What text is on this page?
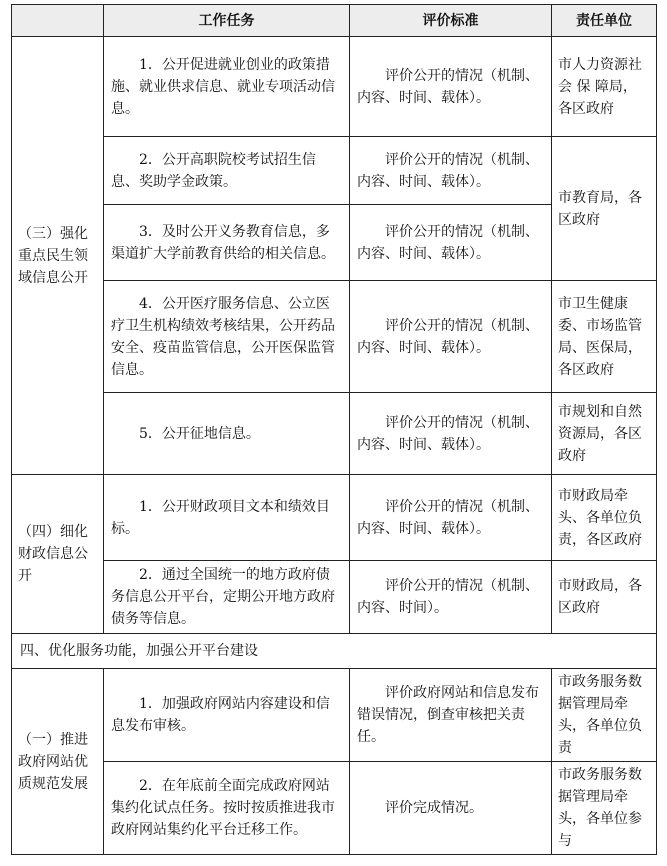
	工作任务	评价标准	责任单位
（三）强化重点民生领域信息公开	1．公开促进就业创业的政策措施、就业供求信息、就业专项活动信息。	评价公开的情况（机制、内容、时间、载体）。	市人力资源社 会 保 障局，各区政府
	2．公开高职院校考试招生信息、奖助学金政策。	评价公开的情况（机制、内容、时间、载体）。	市教育局，各区政府
	3．及时公开义务教育信息，多渠道扩大学前教育供给的相关信息。	评价公开的情况（机制、内容、时间、载体）。	
	4．公开医疗服务信息、公立医疗卫生机构绩效考核结果，公开药品安全、疫苗监管信息，公开医保监管信息。	评价公开的情况（机制、内容、时间、载体）。	市卫生健康委、市场监管局、医保局，各区政府
	5．公开征地信息。	评价公开的情况（机制、内容、时间、载体）。	市规划和自然资源局，各区政府
（四）细化财政信息公开	1．公开财政项目文本和绩效目标。	评价公开的情况（机制、内容、时间、载体）。	市财政局牵头、各单位负责，各区政府
	2．通过全国统一的地方政府债务信息公开平台，定期公开地方政府债务等信息。	评价公开的情况（机制、内容、时间）。	市财政局，各区政府
四、优化服务功能，加强公开平台建设			
（一）推进政府网站优质规范发展	1．加强政府网站内容建设和信息发布审核。	评价政府网站和信息发布错误情况，倒查审核把关责任。	市政务服务数据管理局牵头，各单位负责
	2．在年底前全面完成政府网站集约化试点任务。按时按质推进我市政府网站集约化平台迁移工作。	评价完成情况。	市政务服务数据管理局牵头，各单位参与
